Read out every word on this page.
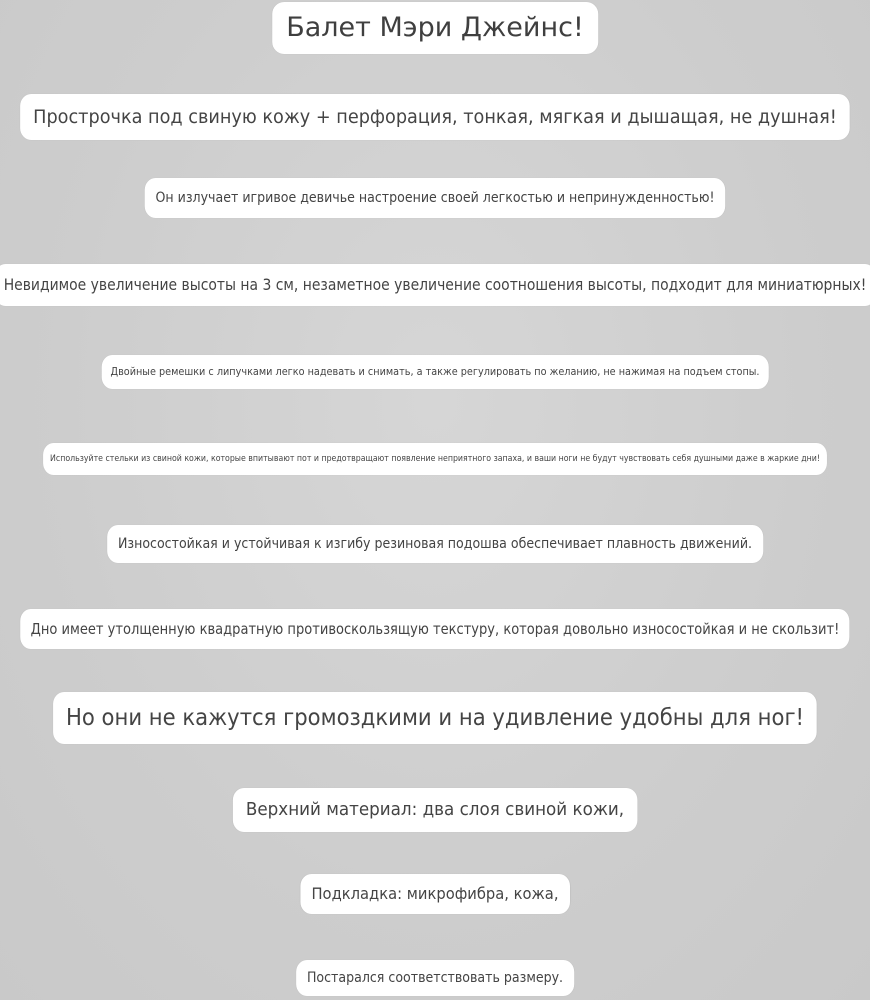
Балет Мэри Джейнс!
Прострочка под свиную кожу + перфорация, тонкая, мягкая и дышащая, не душная!
Он излучает игривое девичье настроение своей легкостью и непринужденностью!
Невидимое увеличение высоты на 3 см, незаметное увеличение соотношения высоты, подходит для миниатюрных!
Двойные ремешки с липучками легко надевать и снимать, а также регулировать по желанию, не нажимая на подъем стопы.
Используйте стельки из свиной кожи, которые впитывают пот и предотвращают появление неприятного запаха, и ваши ноги не будут чувствовать себя душными даже в жаркие дни!
Износостойкая и устойчивая к изгибу резиновая подошва обеспечивает плавность движений.
Дно имеет утолщенную квадратную противоскользящую текстуру, которая довольно износостойкая и не скользит!
Но они не кажутся громоздкими и на удивление удобны для ног!
Верхний материал: два слоя свиной кожи,
Подкладка: микрофибра, кожа,
Постарался соответствовать размеру.
